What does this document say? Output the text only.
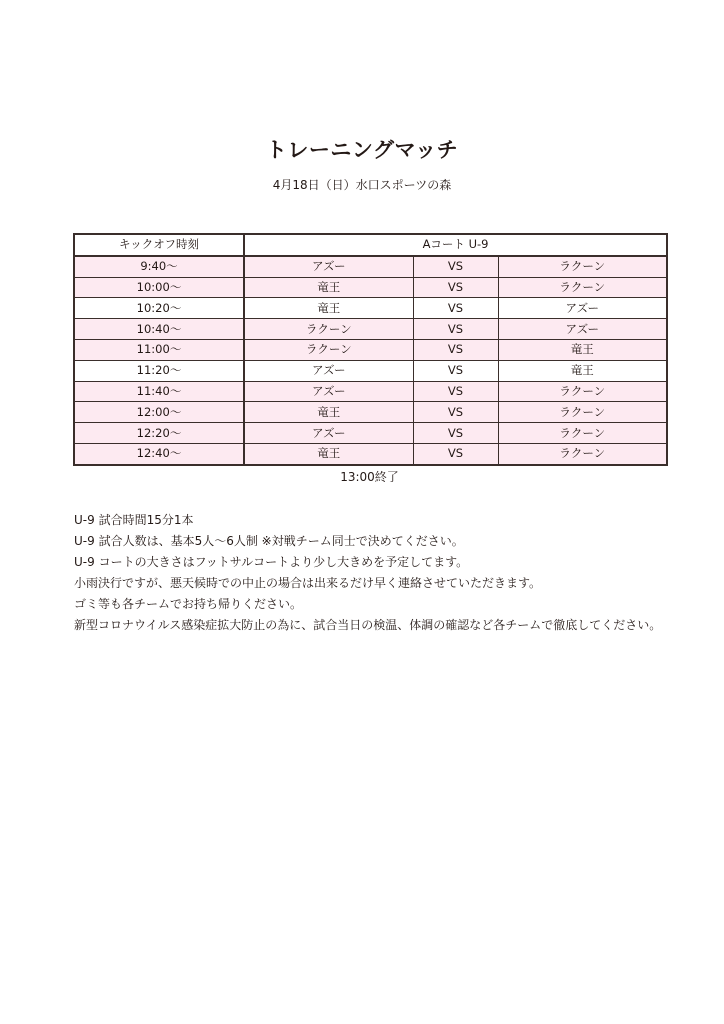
トレーニングマッチ
4月18日（日）水口スポーツの森
キックオフ時刻	Aコート U-9		
9:40～	アズー	VS	ラクーン
10:00～	竜王	VS	ラクーン
10:20～	竜王	VS	アズー
10:40～	ラクーン	VS	アズー
11:00～	ラクーン	VS	竜王
11:20～	アズー	VS	竜王
11:40～	アズー	VS	ラクーン
12:00～	竜王	VS	ラクーン
12:20～	アズー	VS	ラクーン
12:40～	竜王	VS	ラクーン
13:00終了
U-9 試合時間15分1本
U-9 試合人数は、基本5人～6人制 ※対戦チーム同士で決めてください。
U-9 コートの大きさはフットサルコートより少し大きめを予定してます。
小雨決行ですが、悪天候時での中止の場合は出来るだけ早く連絡させていただきます。
ゴミ等も各チームでお持ち帰りください。
新型コロナウイルス感染症拡大防止の為に、試合当日の検温、体調の確認など各チームで徹底してください。
